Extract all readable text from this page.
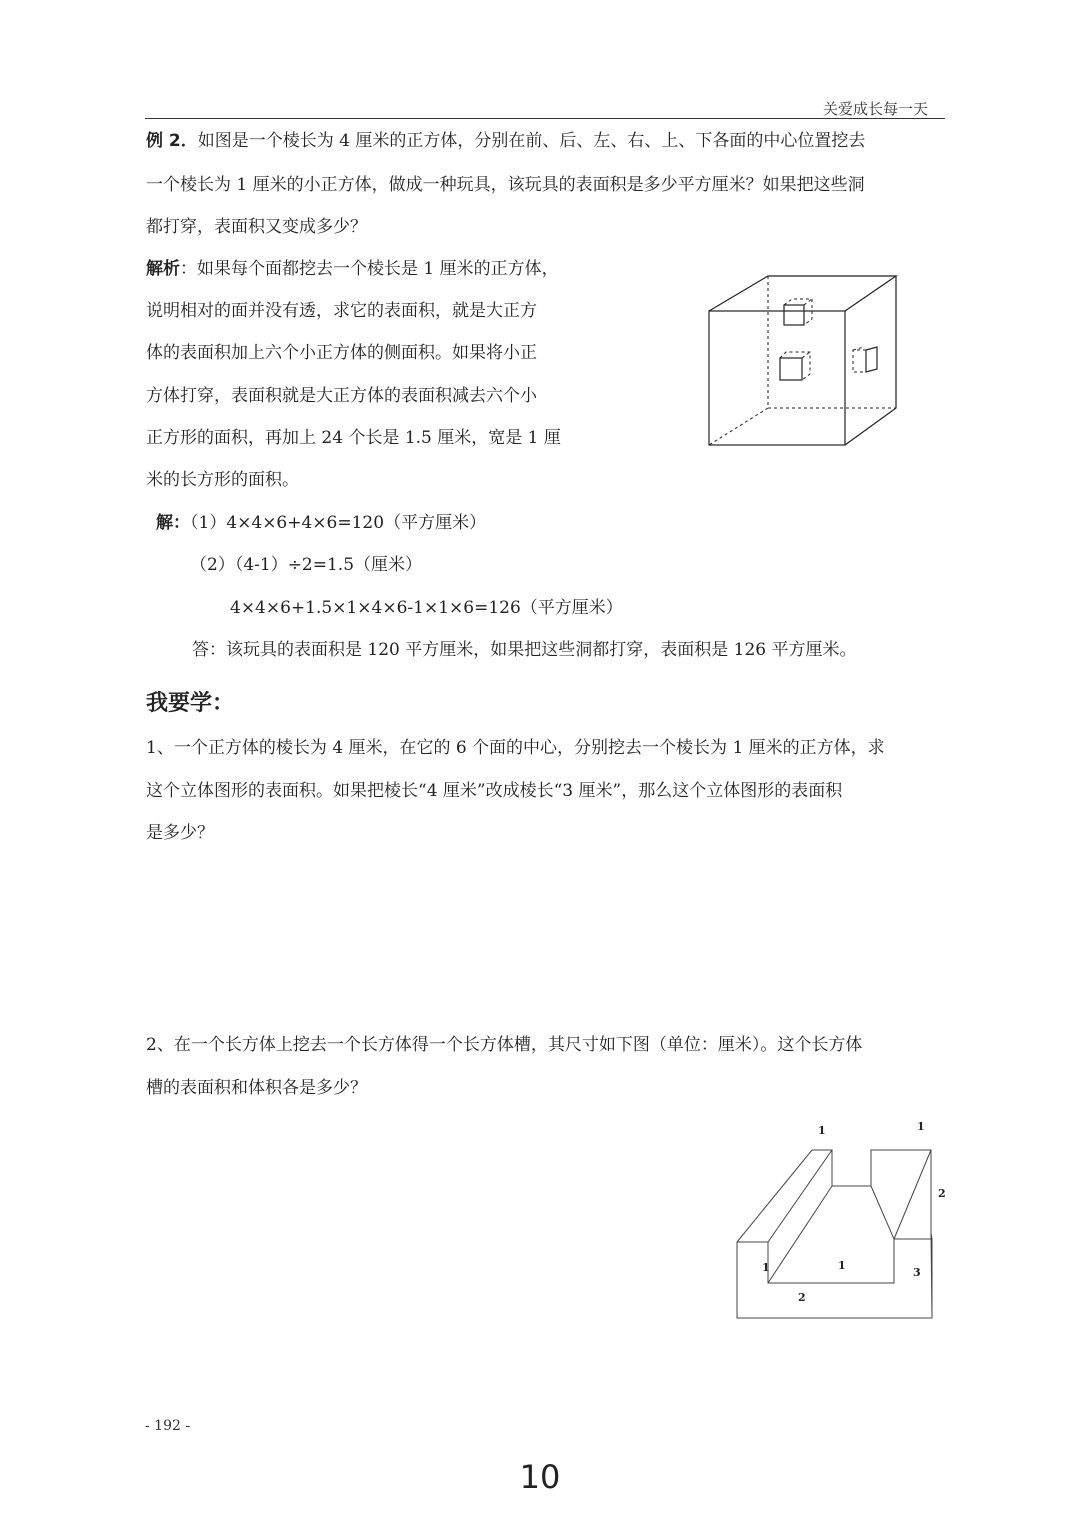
关爱成长每一天
例 2．如图是一个棱长为 4 厘米的正方体，分别在前、后、左、右、上、下各面的中心位置挖去
一个棱长为 1 厘米的小正方体，做成一种玩具，该玩具的表面积是多少平方厘米？如果把这些洞
都打穿，表面积又变成多少？
解析：如果每个面都挖去一个棱长是 1 厘米的正方体，
说明相对的面并没有透，求它的表面积，就是大正方
体的表面积加上六个小正方体的侧面积。如果将小正
方体打穿，表面积就是大正方体的表面积减去六个小
正方形的面积，再加上 24 个长是 1.5 厘米，宽是 1 厘
米的长方形的面积。
解：（1）4×4×6+4×6=120（平方厘米）
（2）（4-1）÷2=1.5（厘米）
4×4×6+1.5×1×4×6-1×1×6=126（平方厘米）
答：该玩具的表面积是 120 平方厘米，如果把这些洞都打穿，表面积是 126 平方厘米。
我要学：
1、一个正方体的棱长为 4 厘米，在它的 6 个面的中心，分别挖去一个棱长为 1 厘米的正方体，求
这个立体图形的表面积。如果把棱长“4 厘米”改成棱长“3 厘米”，那么这个立体图形的表面积
是多少？
2、在一个长方体上挖去一个长方体得一个长方体槽，其尺寸如下图（单位：厘米）。这个长方体
槽的表面积和体积各是多少？
1	1
2
1	1
2
3
- 192 -
10
